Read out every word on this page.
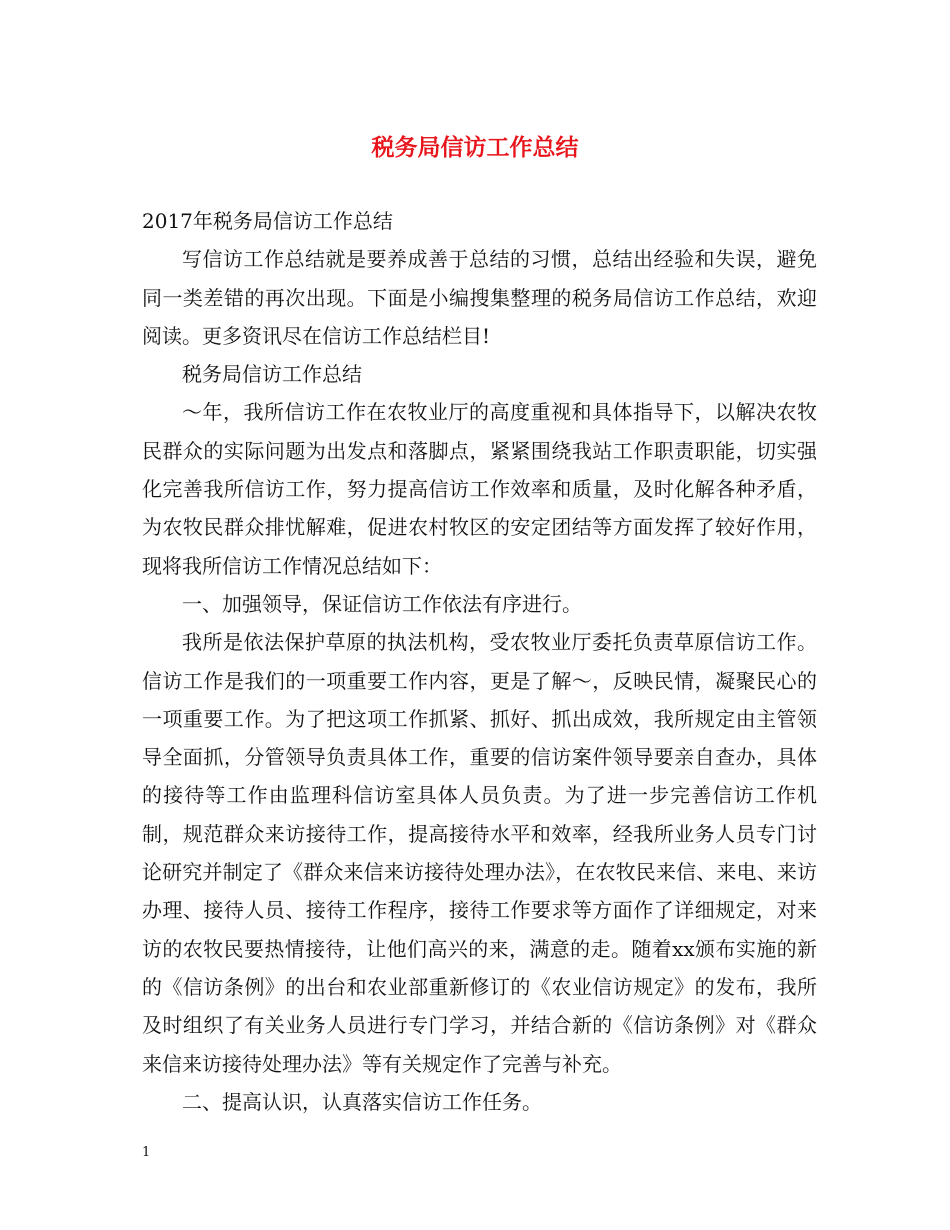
税务局信访工作总结

2017年税务局信访工作总结

写信访工作总结就是要养成善于总结的习惯，总结出经验和失误，避免同一类差错的再次出现。下面是小编搜集整理的税务局信访工作总结，欢迎阅读。更多资讯尽在信访工作总结栏目!

税务局信访工作总结

～年，我所信访工作在农牧业厅的高度重视和具体指导下，以解决农牧民群众的实际问题为出发点和落脚点，紧紧围绕我站工作职责职能，切实强化完善我所信访工作，努力提高信访工作效率和质量，及时化解各种矛盾，为农牧民群众排忧解难，促进农村牧区的安定团结等方面发挥了较好作用，现将我所信访工作情况总结如下：

一、加强领导，保证信访工作依法有序进行。

我所是依法保护草原的执法机构，受农牧业厅委托负责草原信访工作。信访工作是我们的一项重要工作内容，更是了解～，反映民情，凝聚民心的一项重要工作。为了把这项工作抓紧、抓好、抓出成效，我所规定由主管领导全面抓，分管领导负责具体工作，重要的信访案件领导要亲自查办，具体的接待等工作由监理科信访室具体人员负责。为了进一步完善信访工作机制，规范群众来访接待工作，提高接待水平和效率，经我所业务人员专门讨论研究并制定了《群众来信来访接待处理办法》，在农牧民来信、来电、来访办理、接待人员、接待工作程序，接待工作要求等方面作了详细规定，对来访的农牧民要热情接待，让他们高兴的来，满意的走。随着xx颁布实施的新的《信访条例》的出台和农业部重新修订的《农业信访规定》的发布，我所及时组织了有关业务人员进行专门学习，并结合新的《信访条例》对《群众来信来访接待处理办法》等有关规定作了完善与补充。

二、提高认识，认真落实信访工作任务。

1
